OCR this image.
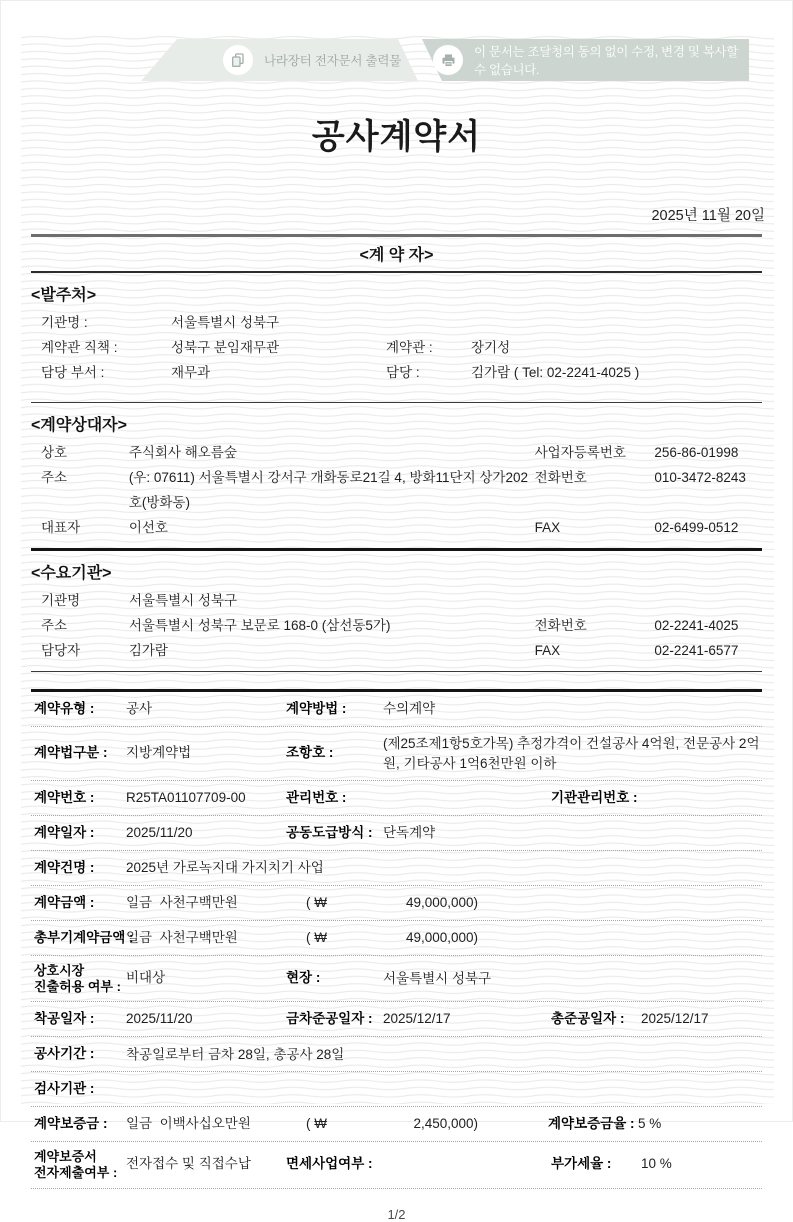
나라장터 전자문서 출력물
이 문서는 조달청의 동의 없이 수정, 변경 및 복사할 수 없습니다.
공사계약서
2025년 11월 20일
<계 약 자>
<발주처>
기관명 :	서울특별시 성북구
계약관 직책 :	성북구 분임재무관	계약관 :	장기성
담당 부서 :	재무과	담당 :	김가람 ( Tel: 02-2241-4025 )
<계약상대자>
상호	주식회사 해오름숲	사업자등록번호	256-86-01998
주소	(우: 07611) 서울특별시 강서구 개화동로21길 4, 방화11단지 상가202호(방화동)
전화번호	010-3472-8243
대표자	이선호	FAX	02-6499-0512
<수요기관>
기관명	서울특별시 성북구
주소	서울특별시 성북구 보문로 168-0 (삼선동5가)	전화번호	02-2241-4025
담당자	김가람	FAX	02-2241-6577
계약유형 :	공사	계약방법 :	수의계약
계약법구분 :	지방계약법	조항호 :
(제25조제1항5호가목) 추정가격이 건설공사 4억원, 전문공사 2억원, 기타공사 1억6천만원 이하
계약번호 :	R25TA01107709-00	관리번호 :	기관관리번호 :
계약일자 :	2025/11/20	공동도급방식 : 단독계약
계약건명 :	2025년 가로녹지대 가지치기 사업
계약금액 :	일금  사천구백만원	( ₩	49,000,000)
총부기계약금액 :
일금  사천구백만원	( ₩	49,000,000)
상호시장
진출허용 여부 :
비대상	현장 :	서울특별시 성북구
착공일자 :	2025/11/20	금차준공일자 : 2025/12/17	총준공일자 :	2025/12/17
공사기간 :	착공일로부터 금차 28일, 총공사 28일
검사기관 :
계약보증금 :	일금  이백사십오만원	( ₩	2,450,000)	계약보증금율 : 5 %
계약보증서
전자제출여부 :
전자접수 및 직접수납	면세사업여부 :	부가세율 :	10 %
1/2
